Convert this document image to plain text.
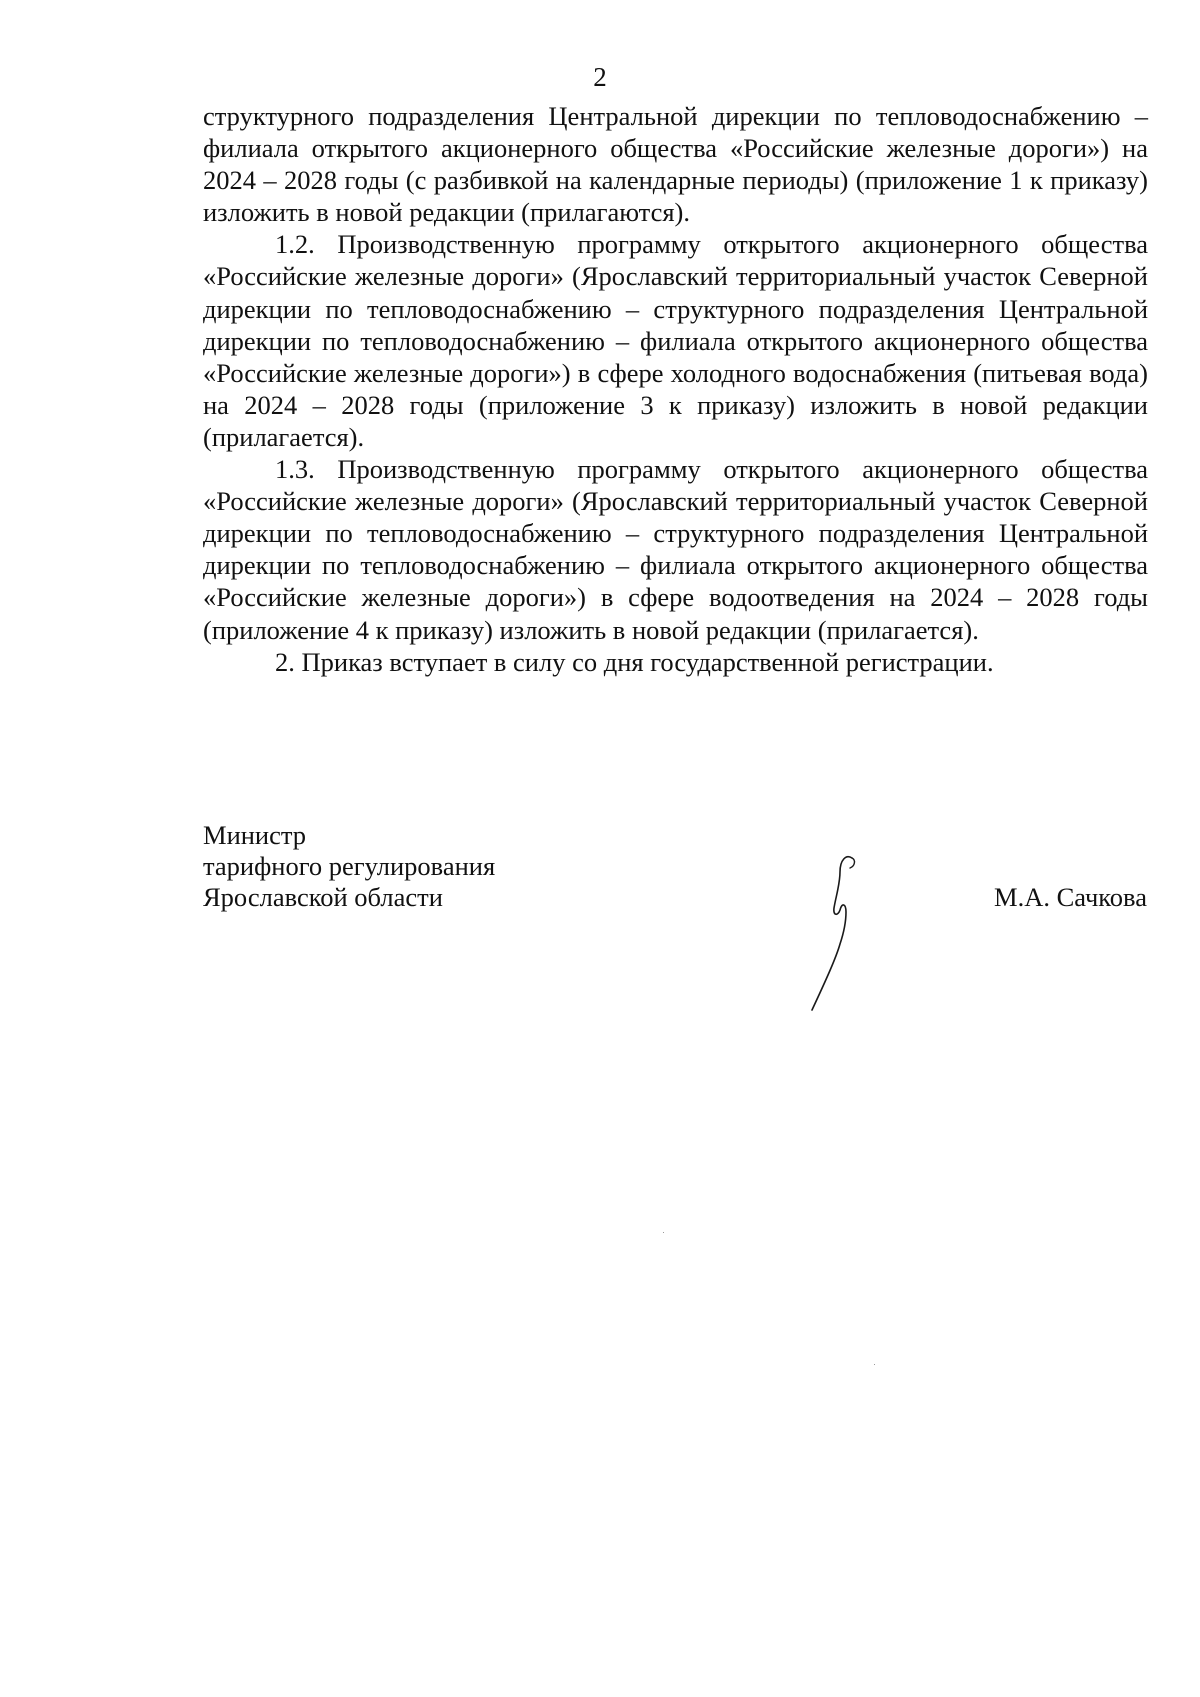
2

структурного подразделения Центральной дирекции по тепловодоснабжению – филиала открытого акционерного общества «Российские железные дороги») на 2024 – 2028 годы (с разбивкой на календарные периоды) (приложение 1 к приказу) изложить в новой редакции (прилагаются).

1.2. Производственную программу открытого акционерного общества «Российские железные дороги» (Ярославский территориальный участок Северной дирекции по тепловодоснабжению – структурного подразделения Центральной дирекции по тепловодоснабжению – филиала открытого акционерного общества «Российские железные дороги») в сфере холодного водоснабжения (питьевая вода) на 2024 – 2028 годы (приложение 3 к приказу) изложить в новой редакции (прилагается).

1.3. Производственную программу открытого акционерного общества «Российские железные дороги» (Ярославский территориальный участок Северной дирекции по тепловодоснабжению – структурного подразделения Центральной дирекции по тепловодоснабжению – филиала открытого акционерного общества «Российские железные дороги») в сфере водоотведения на 2024 – 2028 годы (приложение 4 к приказу) изложить в новой редакции (прилагается).

2. Приказ вступает в силу со дня государственной регистрации.

Министр
тарифного регулирования
Ярославской области	М.А. Сачкова
